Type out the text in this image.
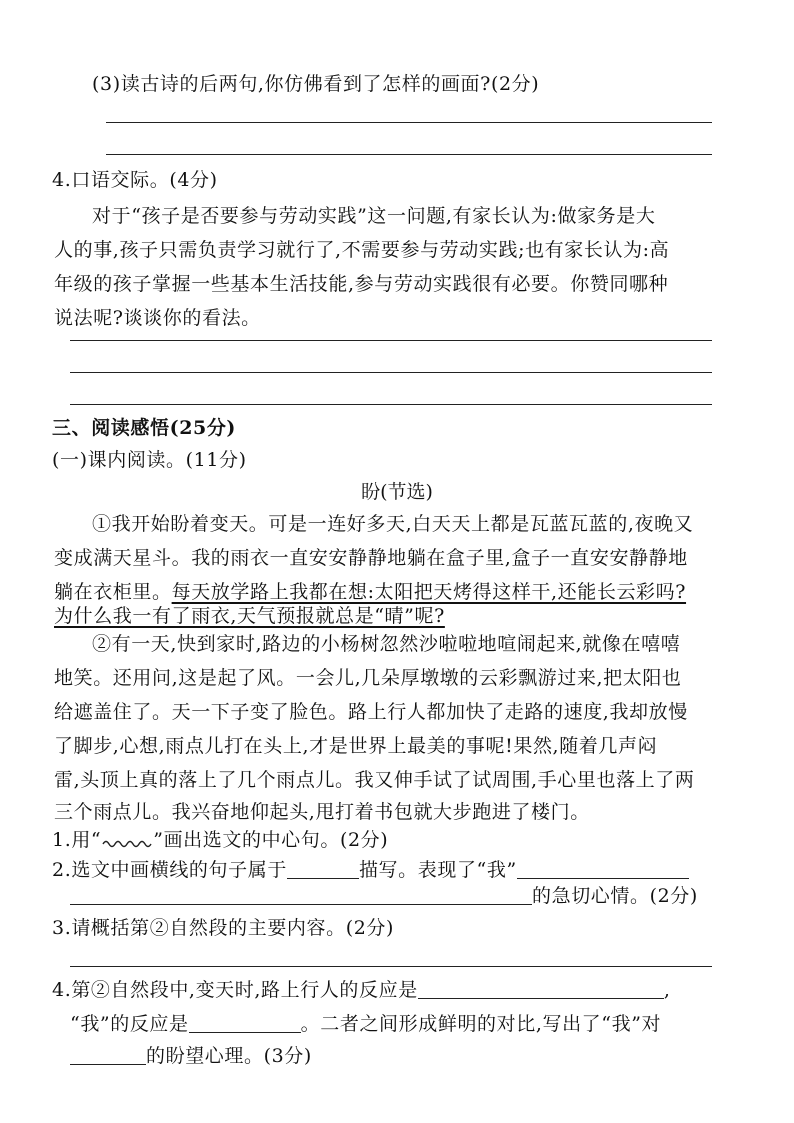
(3)读古诗的后两句,你仿佛看到了怎样的画面?(2分)
4.口语交际。(4分)
对于“孩子是否要参与劳动实践”这一问题,有家长认为:做家务是大
人的事,孩子只需负责学习就行了,不需要参与劳动实践;也有家长认为:高
年级的孩子掌握一些基本生活技能,参与劳动实践很有必要。你赞同哪种
说法呢?谈谈你的看法。
三、阅读感悟(25分)
(一)课内阅读。(11分)
盼(节选)
①我开始盼着变天。可是一连好多天,白天天上都是瓦蓝瓦蓝的,夜晚又
变成满天星斗。我的雨衣一直安安静静地躺在盒子里,盒子一直安安静静地
躺在衣柜里。每天放学路上我都在想:太阳把天烤得这样干,还能长云彩吗?
为什么我一有了雨衣,天气预报就总是“晴”呢?
②有一天,快到家时,路边的小杨树忽然沙啦啦地喧闹起来,就像在嘻嘻
地笑。还用问,这是起了风。一会儿,几朵厚墩墩的云彩飘游过来,把太阳也
给遮盖住了。天一下子变了脸色。路上行人都加快了走路的速度,我却放慢
了脚步,心想,雨点儿打在头上,才是世界上最美的事呢!果然,随着几声闷
雷,头顶上真的落上了几个雨点儿。我又伸手试了试周围,手心里也落上了两
三个雨点儿。我兴奋地仰起头,甩打着书包就大步跑进了楼门。
1.用“	”画出选文的中心句。(2分)
2.选文中画横线的句子属于	描写。表现了“我”
的急切心情。(2分)
3.请概括第②自然段的主要内容。(2分)
4.第②自然段中,变天时,路上行人的反应是	,
“我”的反应是	。二者之间形成鲜明的对比,写出了“我”对
的盼望心理。(3分)
